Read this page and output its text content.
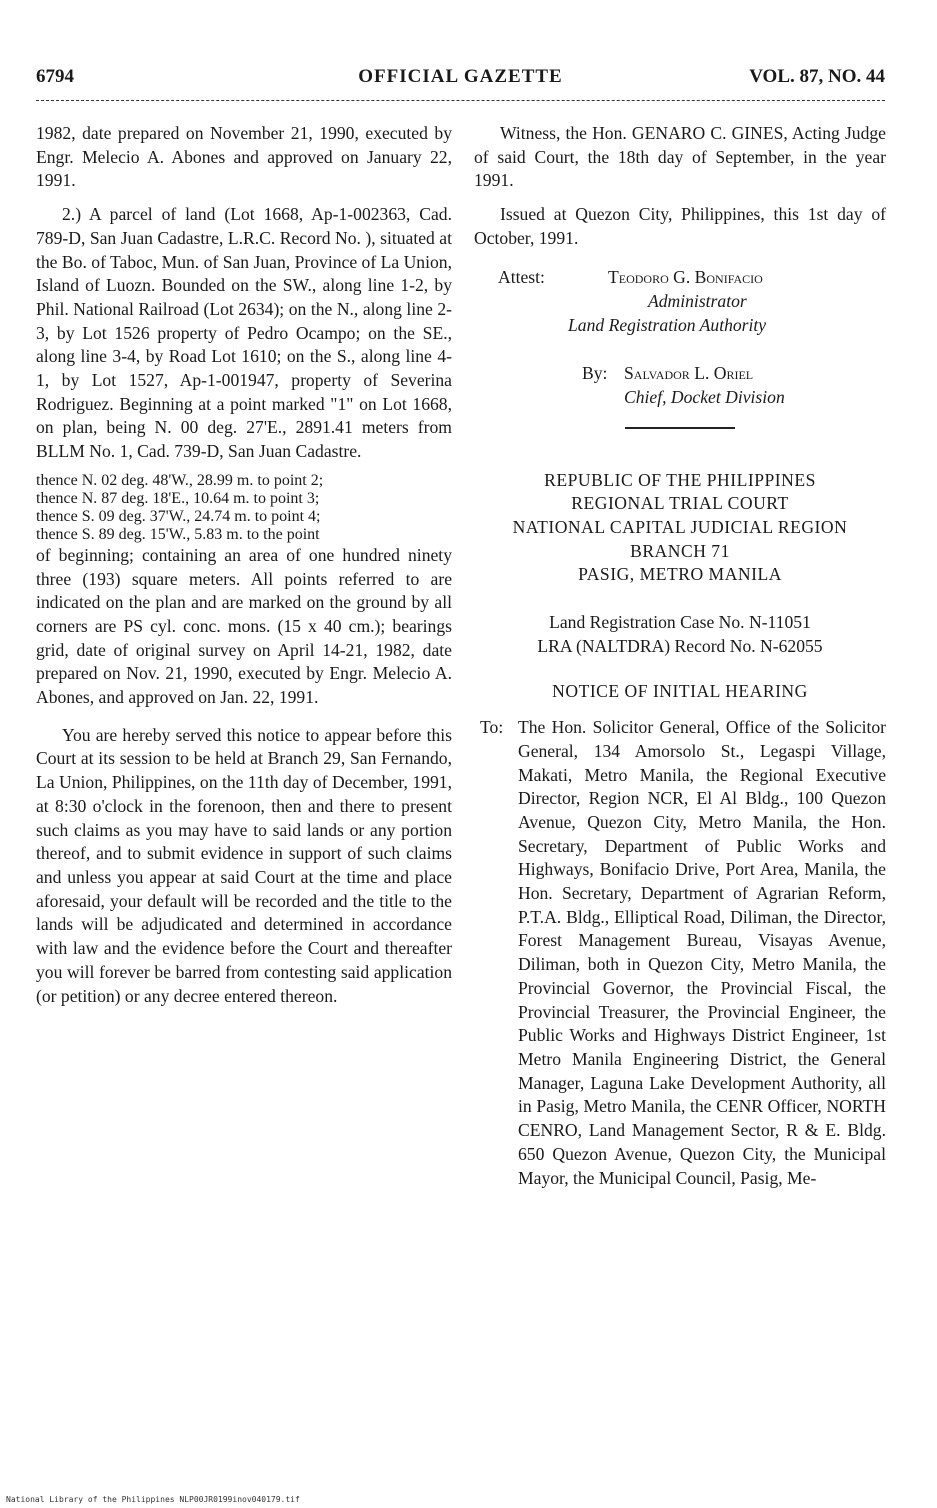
6794	OFFICIAL GAZETTE	VOL. 87, NO. 44

1982, date prepared on November 21, 1990, executed by Engr. Melecio A. Abones and approved on January 22, 1991.

2.) A parcel of land (Lot 1668, Ap-1-002363, Cad. 789-D, San Juan Cadastre, L.R.C. Record No. ), situated at the Bo. of Taboc, Mun. of San Juan, Province of La Union, Island of Luozn. Bounded on the SW., along line 1-2, by Phil. National Railroad (Lot 2634); on the N., along line 2-3, by Lot 1526 property of Pedro Ocampo; on the SE., along line 3-4, by Road Lot 1610; on the S., along line 4-1, by Lot 1527, Ap-1-001947, property of Severina Rodriguez. Beginning at a point marked "1" on Lot 1668, on plan, being N. 00 deg. 27'E., 2891.41 meters from BLLM No. 1, Cad. 739-D, San Juan Cadastre.

thence N. 02 deg. 48'W., 28.99 m. to point 2;
thence N. 87 deg. 18'E., 10.64 m. to point 3;
thence S. 09 deg. 37'W., 24.74 m. to point 4;
thence S. 89 deg. 15'W., 5.83 m. to the point

of beginning; containing an area of one hundred ninety three (193) square meters. All points referred to are indicated on the plan and are marked on the ground by all corners are PS cyl. conc. mons. (15 x 40 cm.); bearings grid, date of original survey on April 14-21, 1982, date prepared on Nov. 21, 1990, executed by Engr. Melecio A. Abones, and approved on Jan. 22, 1991.

You are hereby served this notice to appear before this Court at its session to be held at Branch 29, San Fernando, La Union, Philippines, on the 11th day of December, 1991, at 8:30 o'clock in the forenoon, then and there to present such claims as you may have to said lands or any portion thereof, and to submit evidence in support of such claims and unless you appear at said Court at the time and place aforesaid, your default will be recorded and the title to the lands will be adjudicated and determined in accordance with law and the evidence before the Court and thereafter you will forever be barred from contesting said application (or petition) or any decree entered thereon.

Witness, the Hon. GENARO C. GINES, Acting Judge of said Court, the 18th day of September, in the year 1991.

Issued at Quezon City, Philippines, this 1st day of October, 1991.

Attest:	Teodoro G. Bonifacio
Administrator
Land Registration Authority
By: Salvador L. Oriel
Chief, Docket Division

REPUBLIC OF THE PHILIPPINES

REGIONAL TRIAL COURT

NATIONAL CAPITAL JUDICIAL REGION

BRANCH 71

PASIG, METRO MANILA

Land Registration Case No. N-11051

LRA (NALTDRA) Record No. N-62055

NOTICE OF INITIAL HEARING

To: The Hon. Solicitor General, Office of the Solicitor General, 134 Amorsolo St., Legaspi Village, Makati, Metro Manila, the Regional Executive Director, Region NCR, El Al Bldg., 100 Quezon Avenue, Quezon City, Metro Manila, the Hon. Secretary, Department of Public Works and Highways, Bonifacio Drive, Port Area, Manila, the Hon. Secretary, Department of Agrarian Reform, P.T.A. Bldg., Elliptical Road, Diliman, the Director, Forest Management Bureau, Visayas Avenue, Diliman, both in Quezon City, Metro Manila, the Provincial Governor, the Provincial Fiscal, the Provincial Treasurer, the Provincial Engineer, the Public Works and Highways District Engineer, 1st Metro Manila Engineering District, the General Manager, Laguna Lake Development Authority, all in Pasig, Metro Manila, the CENR Officer, NORTH CENRO, Land Management Sector, R & E. Bldg. 650 Quezon Avenue, Quezon City, the Municipal Mayor, the Municipal Council, Pasig, Me-
National Library of the Philippines NLP00JR0199inov040179.tif
